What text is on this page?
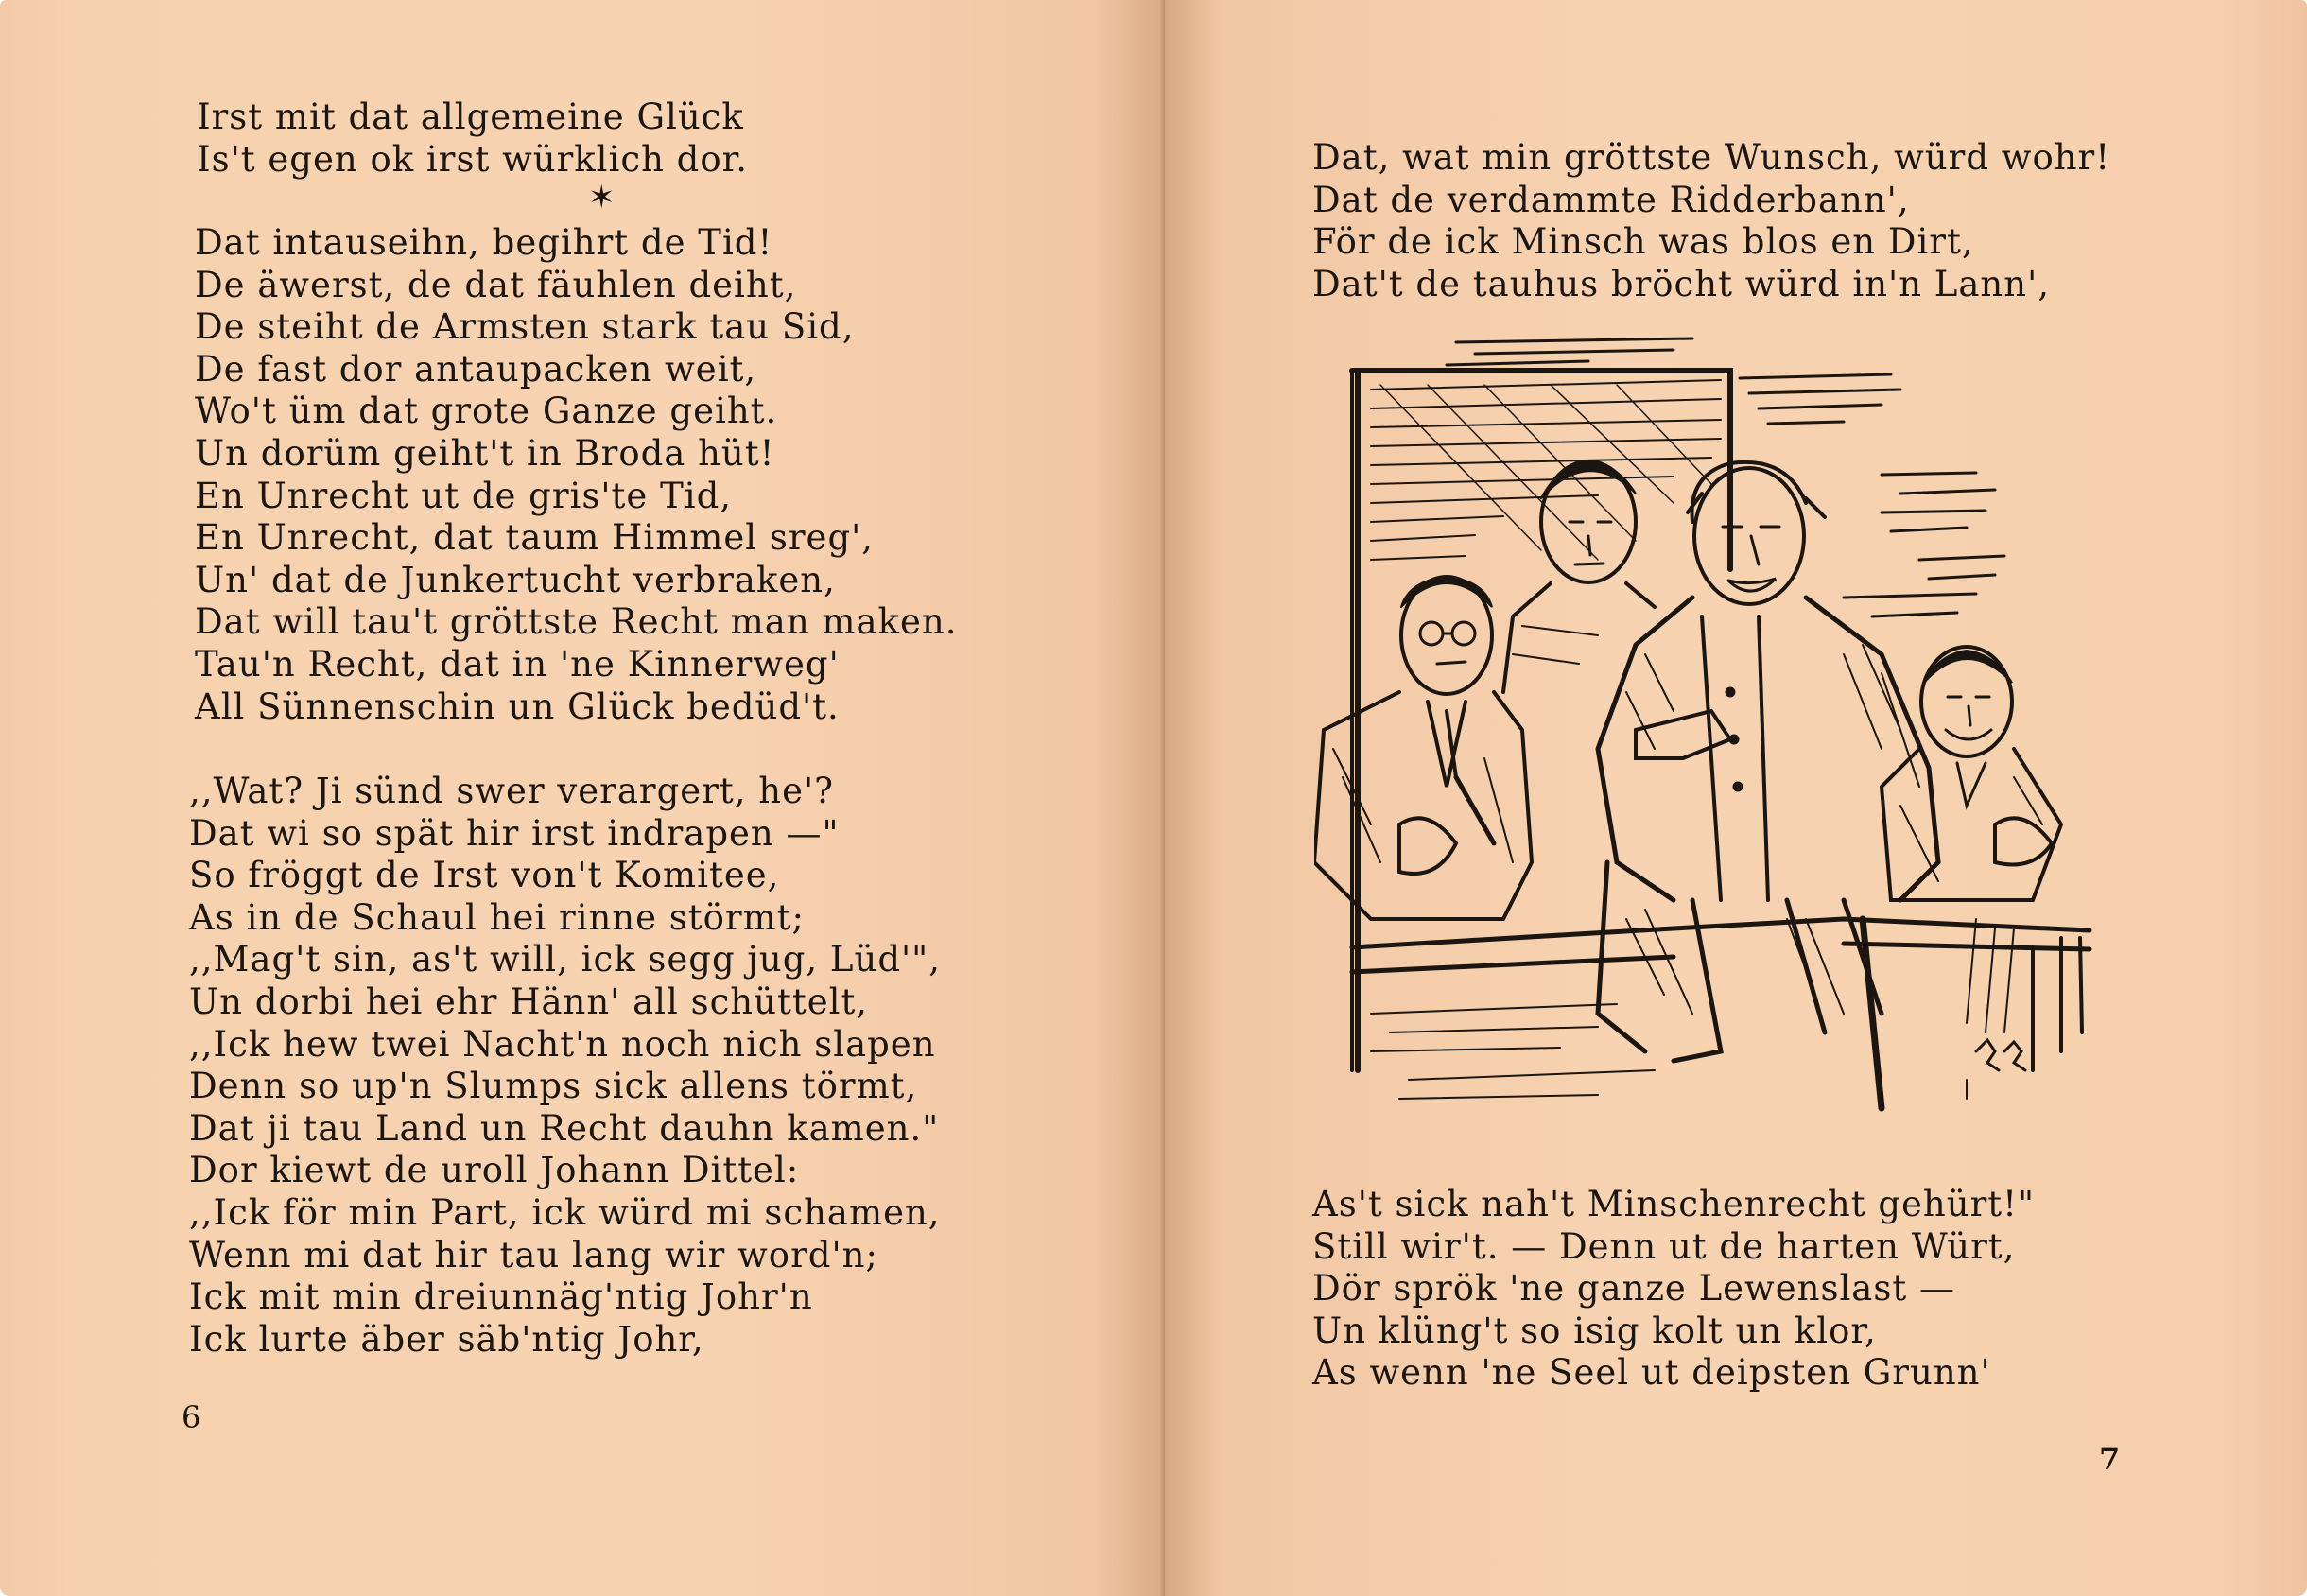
Irst mit dat allgemeine Glück
Is't egen ok irst würklich dor.
✶
Dat intauseihn, begihrt de Tid!
De äwerst, de dat fäuhlen deiht,
De steiht de Armsten stark tau Sid,
De fast dor antaupacken weit,
Wo't üm dat grote Ganze geiht.
Un dorüm geiht't in Broda hüt!
En Unrecht ut de gris'te Tid,
En Unrecht, dat taum Himmel sreg',
Un' dat de Junkertucht verbraken,
Dat will tau't gröttste Recht man maken.
Tau'n Recht, dat in 'ne Kinnerweg'
All Sünnenschin un Glück bedüd't.
,,Wat? Ji sünd swer verargert, he'?
Dat wi so spät hir irst indrapen —"
So fröggt de Irst von't Komitee,
As in de Schaul hei rinne störmt;
,,Mag't sin, as't will, ick segg jug, Lüd'",
Un dorbi hei ehr Hänn' all schüttelt,
,,Ick hew twei Nacht'n noch nich slapen
Denn so up'n Slumps sick allens törmt,
Dat ji tau Land un Recht dauhn kamen."
Dor kiewt de uroll Johann Dittel:
,,Ick för min Part, ick würd mi schamen,
Wenn mi dat hir tau lang wir word'n;
Ick mit min dreiunnäg'ntig Johr'n
Ick lurte äber säb'ntig Johr,
6
Dat, wat min gröttste Wunsch, würd wohr!
Dat de verdammte Ridderbann',
För de ick Minsch was blos en Dirt,
Dat't de tauhus bröcht würd in'n Lann',
As't sick nah't Minschenrecht gehürt!"
Still wir't. — Denn ut de harten Würt,
Dör sprök 'ne ganze Lewenslast —
Un klüng't so isig kolt un klor,
As wenn 'ne Seel ut deipsten Grunn'
7
